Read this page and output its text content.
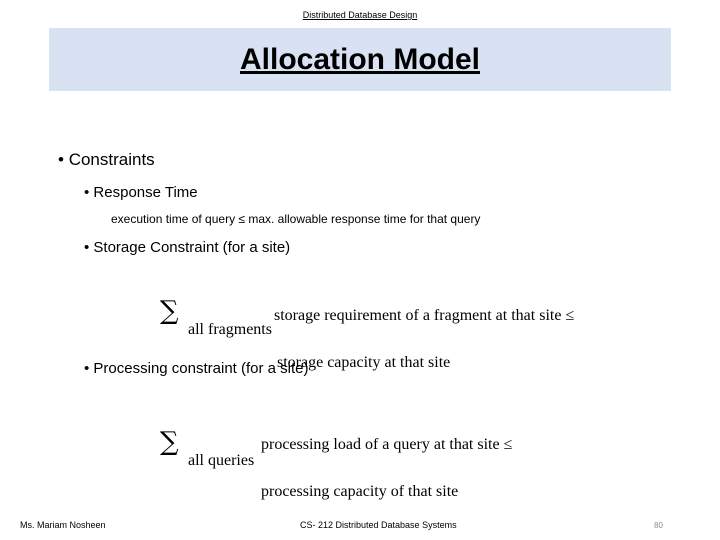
Distributed Database Design
Allocation Model
• Constraints
• Response Time
execution time of query ≤ max. allowable response time for that query
• Storage Constraint (for a site)
∑
all fragments
storage requirement of a fragment at that site ≤
• Processing constraint (for a site)
storage capacity at that site
∑
all queries
processing load of a query at that site ≤
processing capacity of that site
Ms. Mariam Nosheen	CS- 212 Distributed Database Systems	80
